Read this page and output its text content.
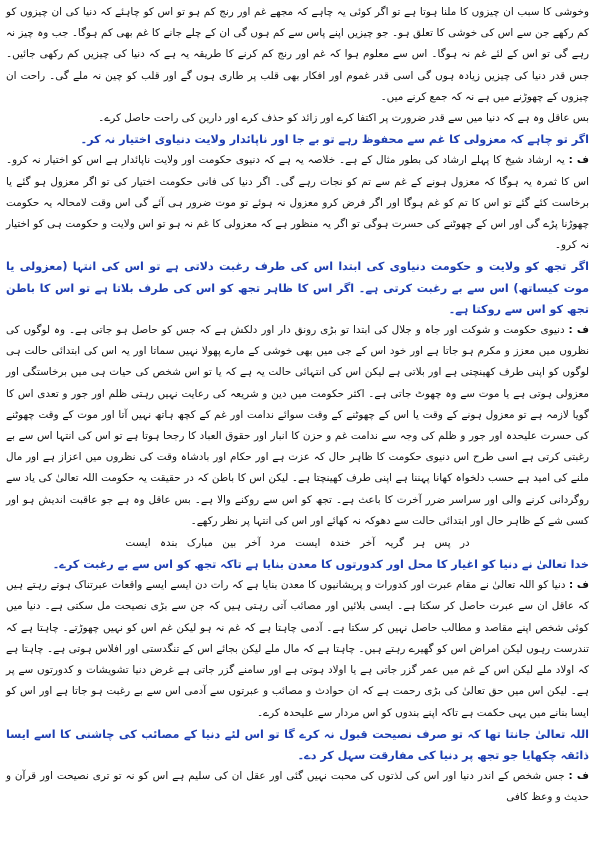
وخوشی کا سبب ان چیزوں کا ملنا ہوتا ہے تو اگر کوئی یہ چاہے کہ مجھے غم اور رنج کم ہو تو اس کو چاہئے کہ دنیا کی ان چیزوں کو کم رکھے جن سے اس کی خوشی کا تعلق ہو۔ جو چیزیں اپنے پاس سے کم ہوں گی ان کے چلے جانے کا غم بھی کم ہوگا۔ جب وہ چیز نہ رہے گی تو اس کے لئے غم نہ ہوگا۔ اس سے معلوم ہوا کہ غم اور رنج کم کرنے کا طریقہ یہ ہے کہ دنیا کی چیزیں کم رکھی جائیں۔ جس قدر دنیا کی چیزیں زیادہ ہوں گی اسی قدر غموم اور افکار بھی قلب پر طاری ہوں گے اور قلب کو چین نہ ملے گی۔ راحت ان چیزوں کے چھوڑنے میں ہے نہ کہ جمع کرنے میں۔

بس عاقل وہ ہے کہ دنیا میں سے قدر ضرورت پر اکتفا کرے اور زائد کو حذف کرے اور دارین کی راحت حاصل کرے۔

اگر تو چاہے کہ معزولی کا غم سے محفوظ رہے تو بے جا اور ناپائدار ولایت دنیاوی اختیار نہ کر۔

ف : یہ ارشاد شیخ کا پہلے ارشاد کی بطور مثال کے ہے۔ خلاصہ یہ ہے کہ دنیوی حکومت اور ولایت ناپائدار ہے اس کو اختیار نہ کرو۔ اس کا ثمرہ یہ ہوگا کہ معزول ہونے کے غم سے تم کو نجات رہے گی۔ اگر دنیا کی فانی حکومت اختیار کی تو اگر معزول ہو گئے یا برخاست کئے گئے تو اس کا تم کو غم ہوگا اور اگر فرض کرو معزول نہ ہوئے تو موت ضرور ہی آئے گی اس وقت لامحالہ یہ حکومت چھوڑنا پڑے گی اور اس کے چھوٹنے کی حسرت ہوگی تو اگر یہ منظور ہے کہ معزولی کا غم نہ ہو تو اس ولایت و حکومت ہی کو اختیار نہ کرو۔

اگر تجھ کو ولایت و حکومت دنیاوی کی ابتدا اس کی طرف رغبت دلاتی ہے تو اس کی انتہا (معزولی یا موت کیساتھ) اس سے بے رغبت کرتی ہے۔ اگر اس کا ظاہر تجھ کو اس کی طرف بلاتا ہے تو اس کا باطن تجھ کو اس سے روکتا ہے۔

ف : دنیوی حکومت و شوکت اور جاہ و جلال کی ابتدا تو بڑی رونق دار اور دلکش ہے کہ جس کو حاصل ہو جاتی ہے۔ وہ لوگوں کی نظروں میں معزز و مکرم ہو جاتا ہے اور خود اس کے جی میں بھی خوشی کے مارے پھولا نہیں سماتا اور یہ اس کی ابتدائی حالت ہی لوگوں کو اپنی طرف کھینچتی ہے اور بلاتی ہے لیکن اس کی انتہائی حالت یہ ہے کہ یا تو اس شخص کی حیات ہی میں برخاستگی اور معزولی ہوتی ہے یا موت سے وہ چھوٹ جاتی ہے۔ اکثر حکومت میں دین و شریعہ کی رعایت نہیں رہتی ظلم اور جور و تعدی اس کا گویا لازمہ ہے تو معزول ہونے کے وقت یا اس کے چھوٹنے کے وقت سوائے ندامت اور غم کے کچھ ہاتھ نہیں آتا اور موت کے وقت چھوٹنے کی حسرت علیحدہ اور جور و ظلم کی وجہ سے ندامت غم و حزن کا انبار اور حقوق العباد کا رجحا ہوتا ہے تو اس کی انتہا اس سے بے رغبتی کرتی ہے اسی طرح اس دنیوی حکومت کا ظاہر حال کہ عزت ہے اور حکام اور بادشاہ وقت کی نظروں میں اعزاز ہے اور مال ملنے کی امید ہے حسب دلخواہ کھانا پہننا ہے اپنی طرف کھینچتا ہے۔ لیکن اس کا باطن کہ در حقیقت یہ حکومت اللہ تعالیٰ کی یاد سے روگردانی کرنے والی اور سراسر ضرر آخرت کا باعث ہے۔ تجھ کو اس سے روکنے والا ہے۔ بس عاقل وہ ہے جو عاقبت اندیش ہو اور کسی شے کے ظاہر حال اور ابتدائی حالت سے دھوکہ نہ کھائے اور اس کی انتہا پر نظر رکھے۔

در پس ہر گریہ آخر خندہ ایست مرد آخر بین مبارک بندہ ایست

خدا تعالیٰ نے دنیا کو اغیار کا محل اور کدورتوں کا معدن بنایا ہے تاکہ تجھ کو اس سے بے رغبت کرے۔

ف : دنیا کو اللہ تعالیٰ نے مقام عبرت اور کدورات و پریشانیوں کا معدن بنایا ہے کہ رات دن ایسے ایسے واقعات عبرتناک ہوتے رہتے ہیں کہ عاقل ان سے عبرت حاصل کر سکتا ہے۔ ایسی بلائیں اور مصائب آتی رہتی ہیں کہ جن سے بڑی نصیحت مل سکتی ہے۔ دنیا میں کوئی شخص اپنے مقاصد و مطالب حاصل نہیں کر سکتا ہے۔ آدمی چاہتا ہے کہ غم نہ ہو لیکن غم اس کو نہیں چھوڑتے۔ چاہتا ہے کہ تندرست رہوں لیکن امراض اس کو گھیرے رہتے ہیں۔ چاہتا ہے کہ مال ملے لیکن بجائے اس کے تنگدستی اور افلاس ہوتی ہے۔ چاہتا ہے کہ اولاد ملے لیکن اس کے غم میں عمر گزر جاتی ہے یا اولاد ہوتی ہے اور سامنے گزر جاتی ہے غرض دنیا تشویشات و کدورتوں سے پر ہے۔ لیکن اس میں حق تعالیٰ کی بڑی رحمت ہے کہ ان حوادث و مصائب و عبرتوں سے آدمی اس سے بے رغبت ہو جاتا ہے اور اس کو ایسا بنانے میں یہی حکمت ہے تاکہ اپنے بندوں کو اس مردار سے علیحدہ کرے۔

اللہ تعالیٰ جانتا تھا کہ تو صرف نصیحت قبول نہ کرے گا تو اس لئے دنیا کے مصائب کی چاشنی کا اسے ایسا ذائقہ چکھایا جو تجھ پر دنیا کی مفارقت سہل کر دے۔

ف : جس شخص کے اندر دنیا اور اس کی لذتوں کی محبت نہیں گئی اور عقل ان کی سلیم ہے اس کو نہ تو تری نصیحت اور قرآن و حدیث و وعظ کافی
